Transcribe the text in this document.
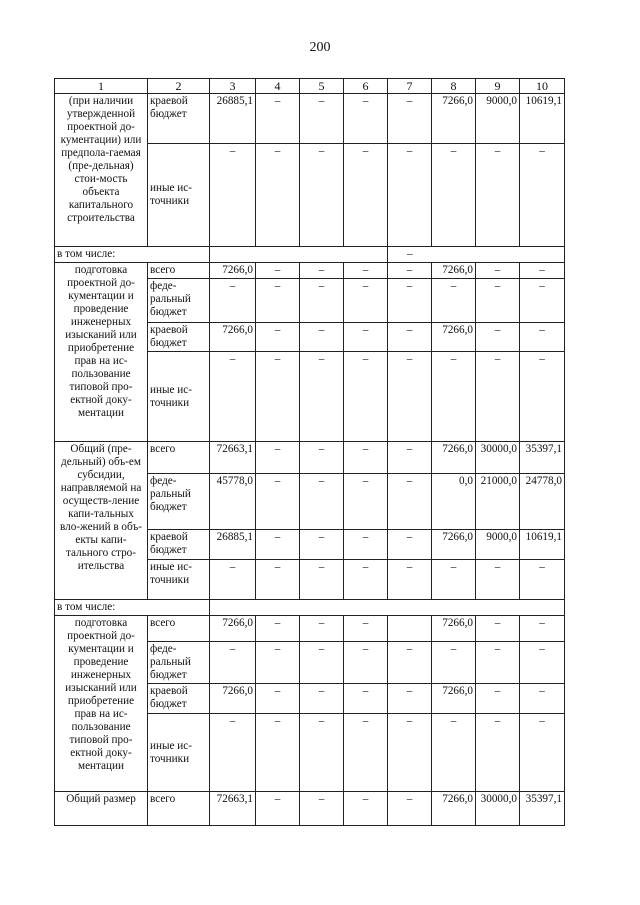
200
1	2	3	4	5	6	7	8	9	10
(при наличии утвержденной проектной до-кументации) или предпола-гаемая (пре-дельная) стои-мость объекта капитального строительства	краевой бюджет	26885,1	–	–	–	–	7266,0	9000,0	10619,1
	иные ис-точники	–	–	–	–	–	–	–	–
в том числе:						–			
подготовка проектной до-кументации и проведение инженерных изысканий или приобретение прав на ис-пользование типовой про-ектной доку-ментации	всего	7266,0	–	–	–	–	7266,0	–	–
	феде-ральный бюджет	–	–	–	–	–	–	–	–
	краевой бюджет	7266,0	–	–	–	–	7266,0	–	–
	иные ис-точники	–	–	–	–	–	–	–	–
Общий (пре-дельный) объ-ем субсидии, направляемой на осуществ-ление капи-тальных вло-жений в объ-екты капи-тального стро-ительства	всего	72663,1	–	–	–	–	7266,0	30000,0	35397,1
	феде-ральный бюджет	45778,0	–	–	–	–	0,0	21000,0	24778,0
	краевой бюджет	26885,1	–	–	–	–	7266,0	9000,0	10619,1
	иные ис-точники	–	–	–	–	–	–	–	–
в том числе:									
подготовка проектной до-кументации и проведение инженерных изысканий или приобретение прав на ис-пользование типовой про-ектной доку-ментации	всего	7266,0	–	–	–		7266,0	–	–
	феде-ральный бюджет	–	–	–	–	–	–	–	–
	краевой бюджет	7266,0	–	–	–	–	7266,0	–	–
	иные ис-точники	–	–	–	–	–	–	–	–
Общий размер	всего	72663,1	–	–	–	–	7266,0	30000,0	35397,1
